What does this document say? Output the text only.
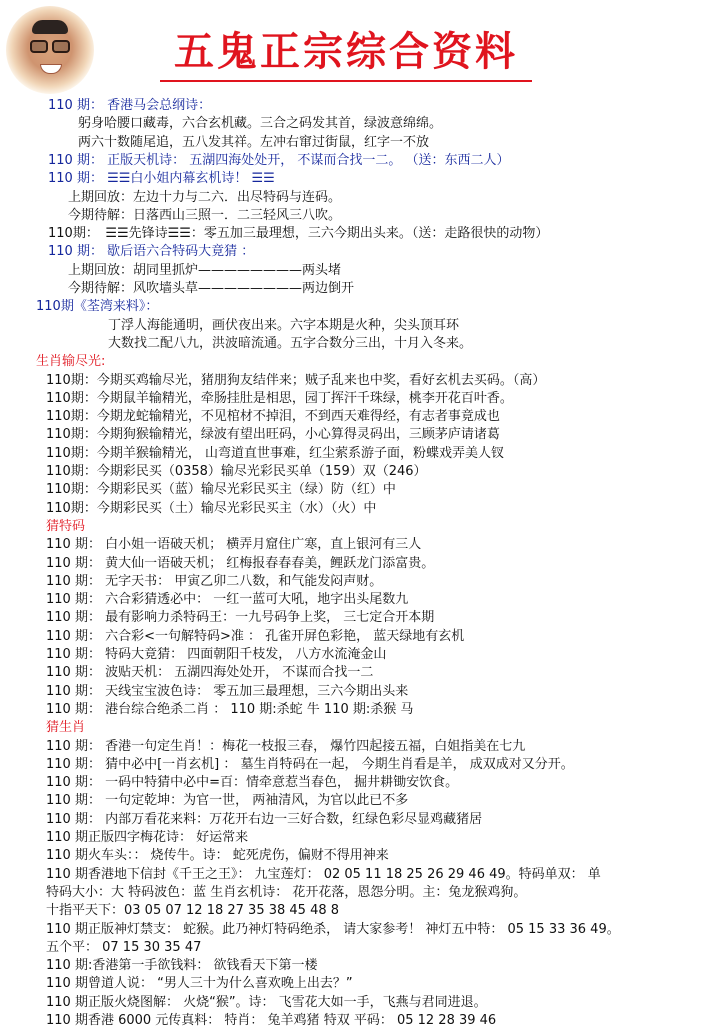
五鬼正宗综合资料
110 期： 香港马会总纲诗：
躬身哈腰口藏毒，六合玄机藏。三合之码发其首，绿波意绵绵。
两六十数随尾追，五八发其祥。左冲右窜过街鼠，红字一不放
110 期： 正版天机诗： 五湖四海处处开， 不谋而合找一二。 （送：东西二人）
110 期： ☰☰白小姐内幕玄机诗！ ☰☰
上期回放：左边十力与二六．出尽特码与连码。
今期待解：日落西山三照一．二三轻风三八吹。
110期：　☰☰先锋诗☰☰：零五加三最理想，三六今期出头来。（送：走路很快的动物）
110 期： 歇后语六合特码大竟猜 ：
上期回放：胡同里抓炉————————两头堵
今期待解：风吹墙头草————————两边倒开
110期《荃湾来料》：
丁浮人海能通明，画伏夜出来。六字本期是火种，尖头顶耳环
大数找二配八九，洪波暗流通。五字合数分三出，十月入冬来。
生肖输尽光:
110期：今期买鸡输尽光，猪朋狗友结伴来；贼子乱来也中奖，看好玄机去买码。（高）
110期：今期鼠羊输精光，牵肠挂肚是相思，园丁挥汗千珠绿，桃李开花百叶香。
110期：今期龙蛇输精光，不见棺材不掉泪，不到西天难得经，有志者事竟成也
110期：今期狗猴输精光，绿波有望出旺码，小心算得灵码出，三顾茅庐请诸葛
110期：今期羊猴输精光， 山弯道直世事难，红尘萦系游子面，粉蝶戏弄美人钗
110期：今期彩民买（0358）输尽光彩民买单（159）双（246）
110期：今期彩民买（蓝）输尽光彩民买主（绿）防（红）中
110期：今期彩民买（土）输尽光彩民买主（水）（火）中
猜特码
110 期： 白小姐一语破天机； 横弄月窟住广寒，直上银河有三人
110 期： 黄大仙一语破天机； 红梅报春春春美，鲤跃龙门添富贵。
110 期： 无字天书： 甲寅乙卯二八数，和气能发闷声财。
110 期： 六合彩猜透必中： 一红一蓝可大吼，地字出头尾数九
110 期： 最有影响力杀特码王：一九号码争上奖， 三七定合开本期
110 期： 六合彩<一句解特码>准 ： 孔雀开屏色彩艳， 蓝天绿地有玄机
110 期： 特码大竟猜： 四面朝阳千枝发， 八方水流淹金山
110 期： 波贴天机： 五湖四海处处开， 不谋而合找一二
110 期： 天线宝宝波色诗： 零五加三最理想，三六今期出头来
110 期： 港台综合绝杀二肖 ： 110 期:杀蛇 牛 110 期:杀猴 马
猜生肖
110 期： 香港一句定生肖！：梅花一枝报三春， 爆竹四起接五福，白姐指美在七九
110 期： 猜中必中[一肖玄机] ： 墓生肖特码在一起， 今期生肖看是羊， 成双成对又分开。
110 期： 一码中特猜中必中=百：情牵意惹当春色， 掘井耕锄安饮食。
110 期： 一句定乾坤：为官一世， 两袖清风，为官以此已不多
110 期： 内部万看花来料：万花开右边一三好合数，红绿色彩尽显鸡藏猪居
110 期正版四字梅花诗： 好运常来
110 期火车头：： 烧传牛。诗： 蛇死虎伤，偏财不得用神来
110 期香港地下信封《千王之王》： 九宝莲灯： 02 05 11 18 25 26 29 46 49。特码单双： 单
特码大小：大 特码波色：蓝 生肖玄机诗： 花开花落，恩怨分明。主：兔龙猴鸡狗。
十指平天下：03 05 07 12 18 27 35 38 45 48 8
110 期正版神灯禁支： 蛇猴。此乃神灯特码绝杀， 请大家参考！ 神灯五中特： 05 15 33 36 49。
五个平： 07 15 30 35 47
110 期:香港第一手欲钱料： 欲钱看天下第一楼
110 期曾道人说： “男人三十为什么喜欢晚上出去？”
110 期正版火烧图解： 火烧“猴”。诗： 飞雪花大如一手，飞燕与君同进退。
110 期香港 6000 元传真料： 特肖： 兔羊鸡猪 特双 平码： 05 12 28 39 46
